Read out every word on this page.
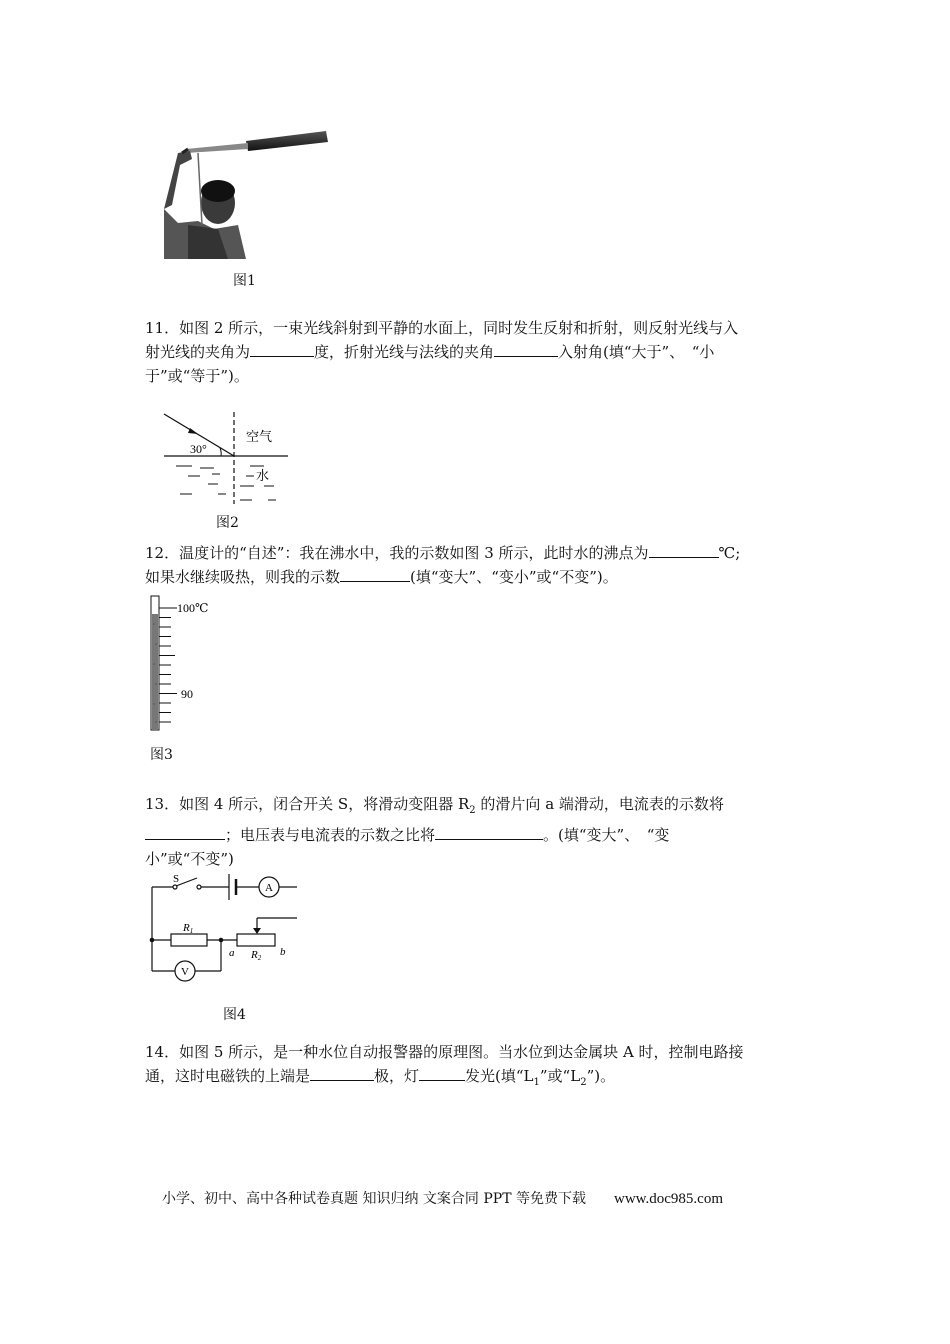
图1
11．如图 2 所示，一束光线斜射到平静的水面上，同时发生反射和折射，则反射光线与入
射光线的夹角为	度，折射光线与法线的夹角	入射角(填“大于”、　“小
于”或“等于”)。
30°
空气
水
图2
12．温度计的“自述”：我在沸水中，我的示数如图 3 所示，此时水的沸点为	℃;
如果水继续吸热，则我的示数	(填“变大”、“变小”或“不变”)。
100℃
90
图3
13．如图 4 所示，闭合开关 S，将滑动变阻器 $R_2$ 的滑片向 a 端滑动，电流表的示数将
；电压表与电流表的示数之比将	。(填“变大”、　“变
小”或“不变”)
S
A
V
R1
R2
a	b
图4
14．如图 5 所示，是一种水位自动报警器的原理图。当水位到达金属块 A 时，控制电路接
通，这时电磁铁的上端是	极，灯	发光(填“$L_1$”或“$L_2$”)。
小学、初中、高中各种试卷真题 知识归纳 文案合同 PPT 等免费下载 www.doc985.com
